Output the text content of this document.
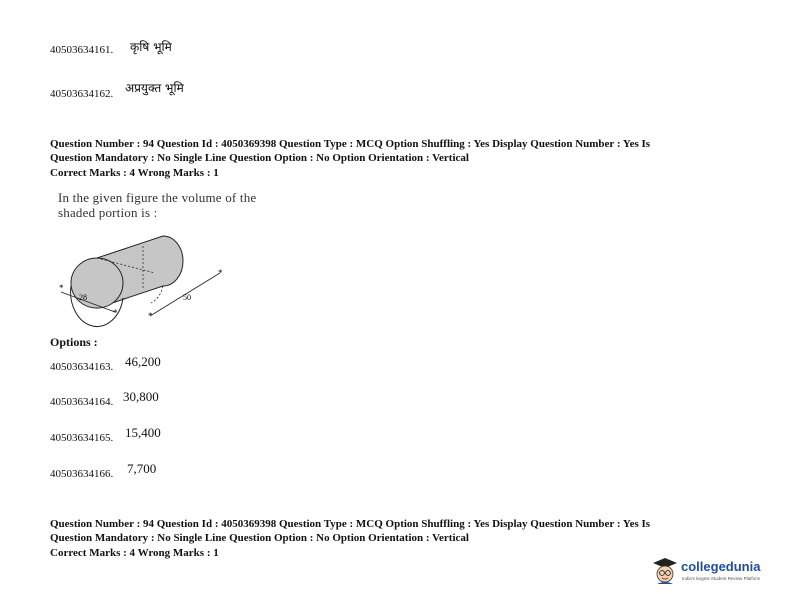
40503634161. कृषि भूमि
40503634162. अप्रयुक्त भूमि
Question Number : 94 Question Id : 4050369398 Question Type : MCQ Option Shuffling : Yes Display Question Number : Yes Is
Question Mandatory : No Single Line Question Option : No Option Orientation : Vertical
Correct Marks : 4 Wrong Marks : 1
In the given figure the volume of the
shaded portion is :
*
*	*
*
28	50
Options :
40503634163. 46,200
40503634164. 30,800
40503634165. 15,400
40503634166. 7,700
Question Number : 94 Question Id : 4050369398 Question Type : MCQ Option Shuffling : Yes Display Question Number : Yes Is
Question Mandatory : No Single Line Question Option : No Option Orientation : Vertical
Correct Marks : 4 Wrong Marks : 1
collegedunia
India's largest Student Review Platform
